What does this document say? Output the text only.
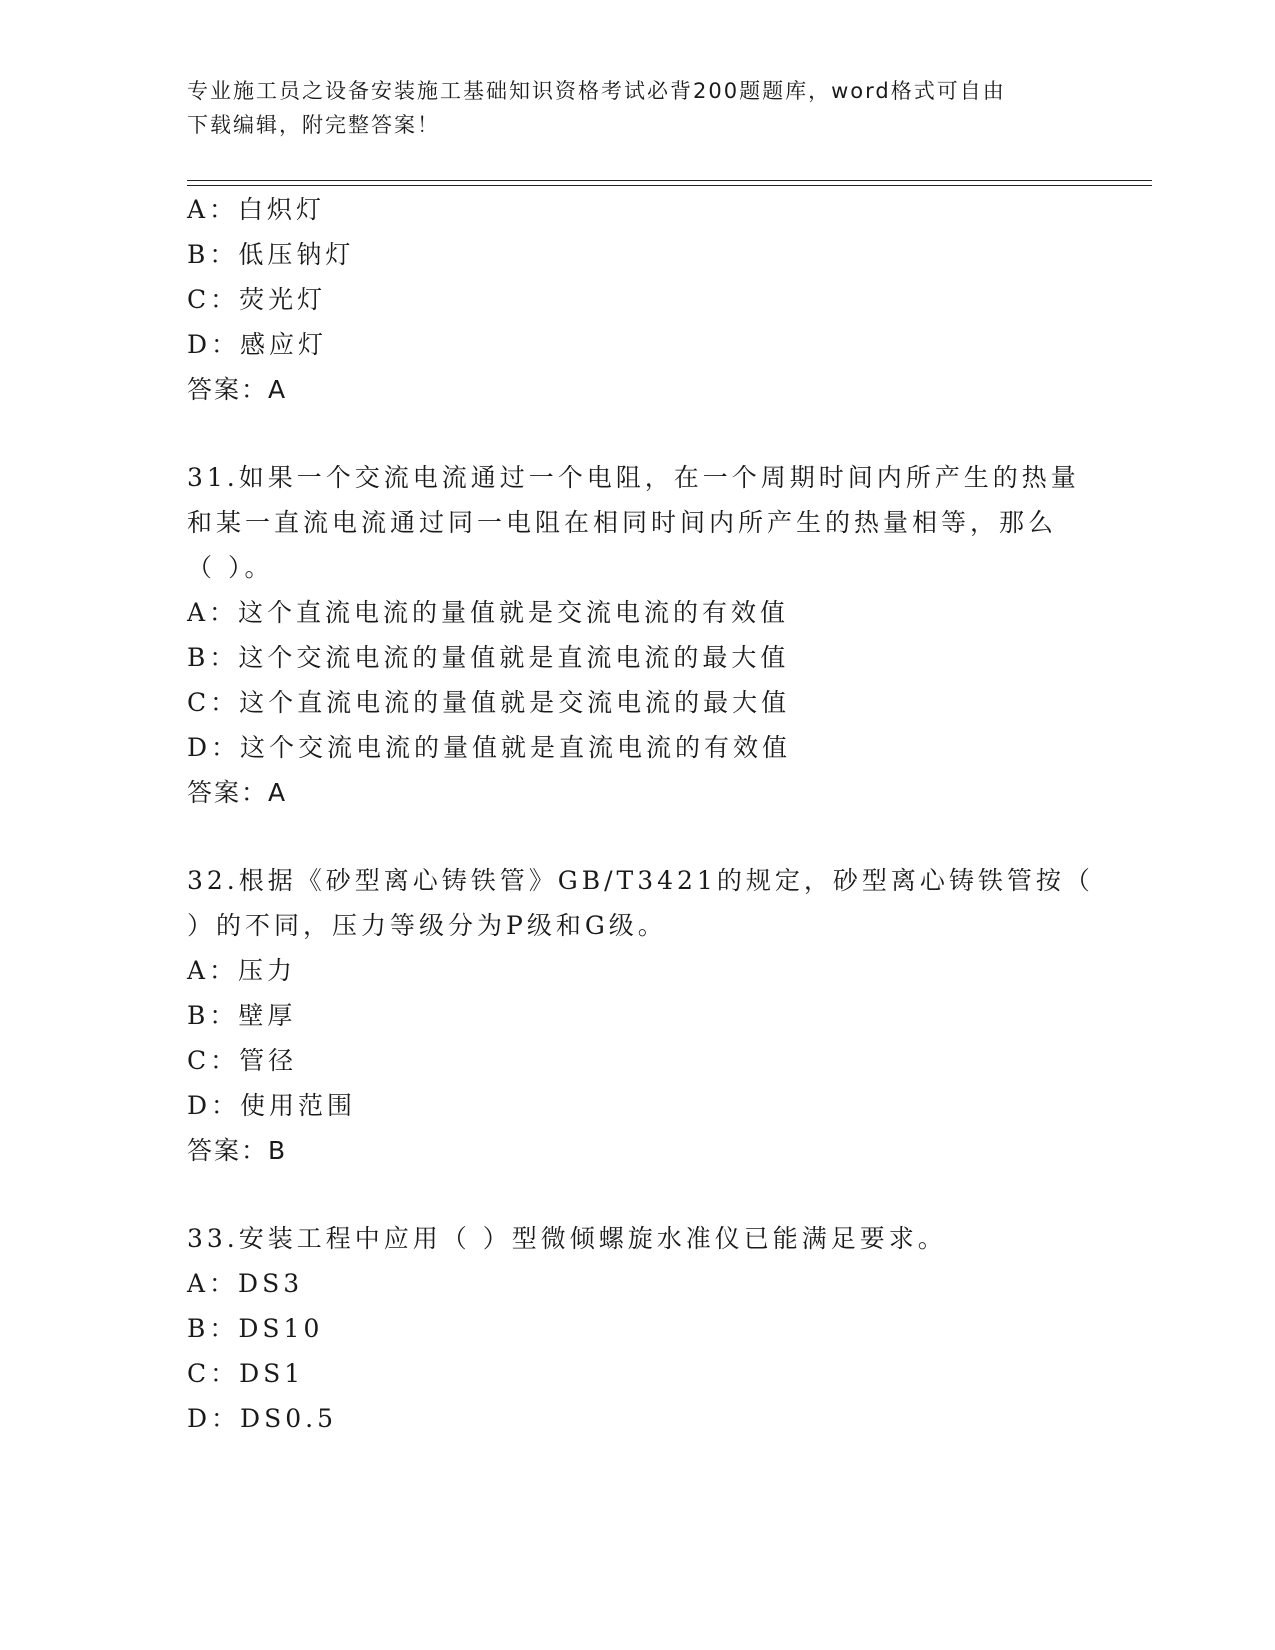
专业施工员之设备安装施工基础知识资格考试必背200题题库，word格式可自由
下载编辑，附完整答案！
A：白炽灯
B：低压钠灯
C：荧光灯
D：感应灯
答案：A
31.如果一个交流电流通过一个电阻，在一个周期时间内所产生的热量
和某一直流电流通过同一电阻在相同时间内所产生的热量相等，那么
（ ）。
A：这个直流电流的量值就是交流电流的有效值
B：这个交流电流的量值就是直流电流的最大值
C：这个直流电流的量值就是交流电流的最大值
D：这个交流电流的量值就是直流电流的有效值
答案：A
32.根据《砂型离心铸铁管》GB/T3421的规定，砂型离心铸铁管按（
）的不同，压力等级分为P级和G级。
A：压力
B：壁厚
C：管径
D：使用范围
答案：B
33.安装工程中应用（ ）型微倾螺旋水准仪已能满足要求。
A：DS3
B：DS10
C：DS1
D：DS0.5
